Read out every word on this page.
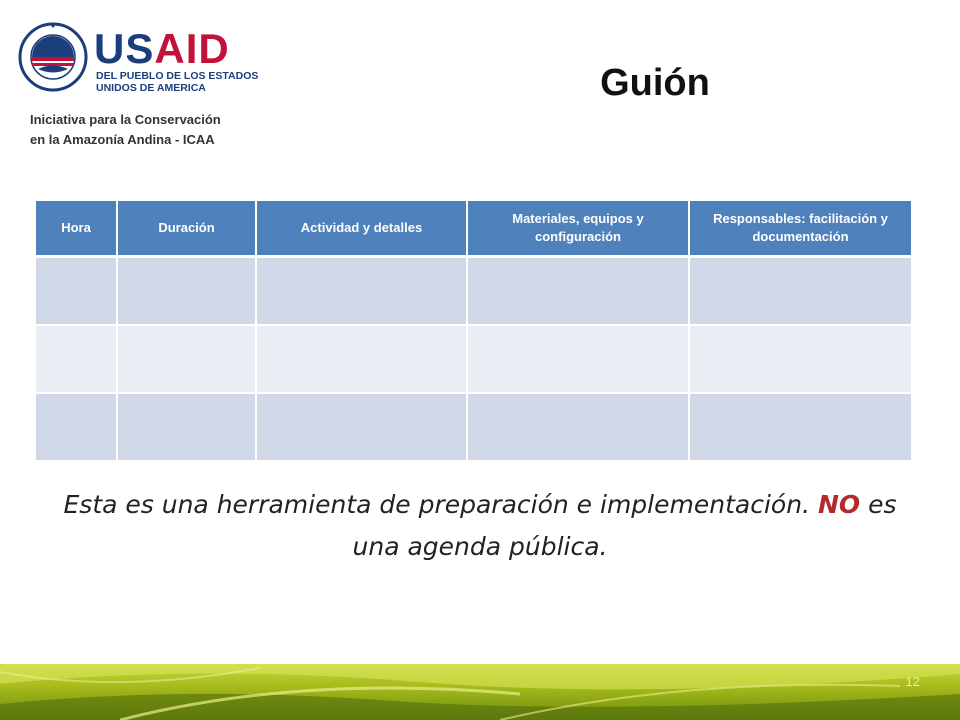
USAID
DEL PUEBLO DE LOS ESTADOS
UNIDOS DE AMERICA
Iniciativa para la Conservación
en la Amazonía Andina - ICAA
Guión
Hora	Duración	Actividad y detalles	Materiales, equipos y configuración	Responsables: facilitación y documentación

Esta es una herramienta de preparación e implementación. NO es una agenda pública.
12
